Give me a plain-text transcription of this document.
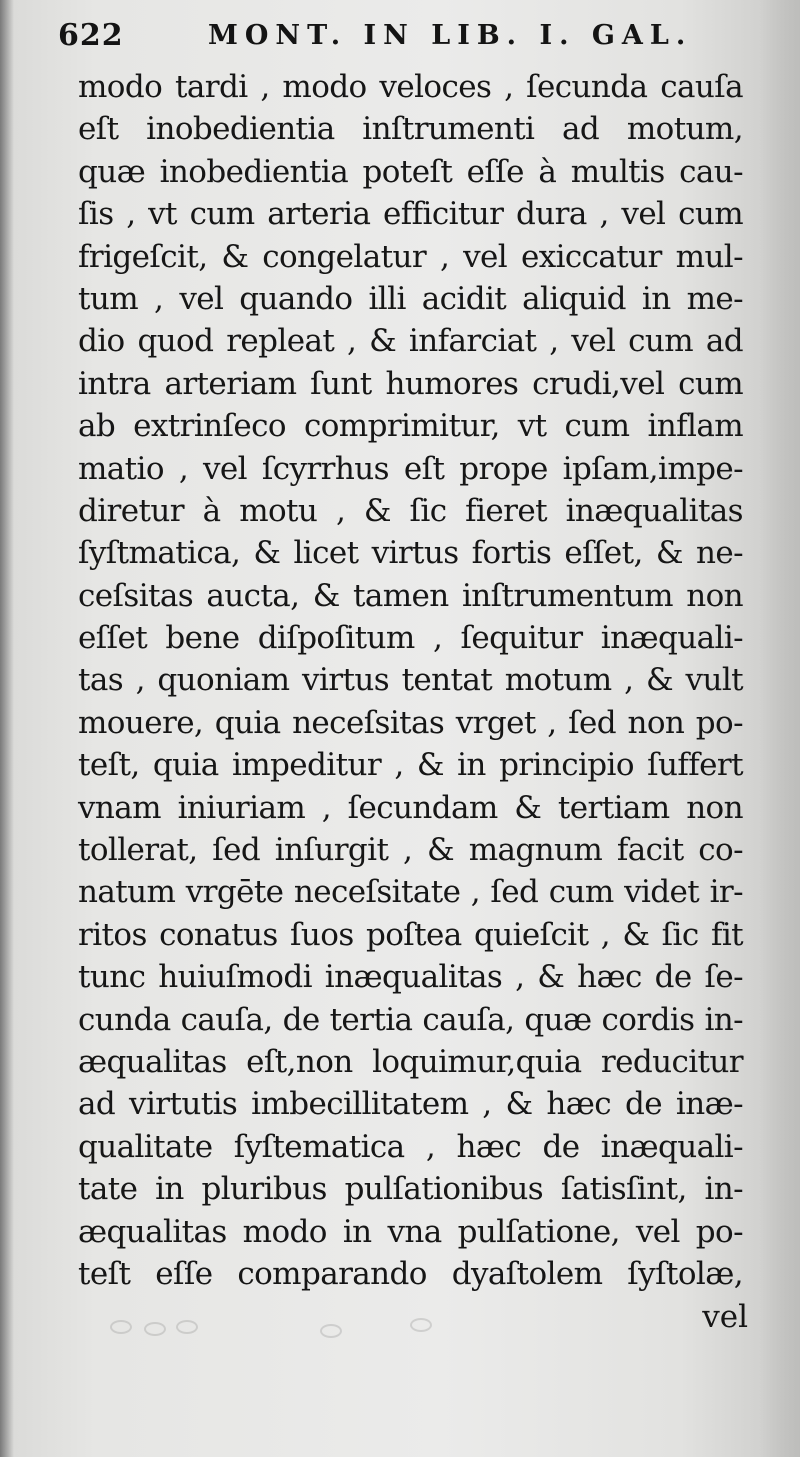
622	MONT. IN LIB. I. GAL.
modo tardi , modo veloces , ſecunda cauſa
eſt inobedientia inſtrumenti ad motum,
quæ inobedientia poteſt eſſe à multis cau-
ſis , vt cum arteria efficitur dura , vel cum
frigeſcit, & congelatur , vel exiccatur mul-
tum , vel quando illi acidit aliquid in me-
dio quod repleat , & infarciat , vel cum ad
intra arteriam ſunt humores crudi,vel cum
ab extrinſeco comprimitur, vt cum inflam
matio , vel ſcyrrhus eſt prope ipſam,impe-
diretur à motu , & ſic fieret inæqualitas
ſyſtmatica, & licet virtus fortis eſſet, & ne-
ceſsitas aucta, & tamen inſtrumentum non
eſſet bene diſpoſitum , ſequitur inæquali-
tas , quoniam virtus tentat motum , & vult
mouere, quia neceſsitas vrget , ſed non po-
teſt, quia impeditur , & in principio ſuffert
vnam iniuriam , ſecundam & tertiam non
tollerat, ſed inſurgit , & magnum facit co-
natum vrgēte neceſsitate , ſed cum videt ir-
ritos conatus ſuos poſtea quieſcit , & ſic fit
tunc huiuſmodi inæqualitas , & hæc de ſe-
cunda cauſa, de tertia cauſa, quæ cordis in-
æqualitas eſt,non loquimur,quia reducitur
ad virtutis imbecillitatem , & hæc de inæ-
qualitate ſyſtematica , hæc de inæquali-
tate in pluribus pulſationibus ſatisſint, in-
æqualitas modo in vna pulſatione, vel po-
teſt eſſe comparando dyaſtolem ſyſtolæ,
vel
